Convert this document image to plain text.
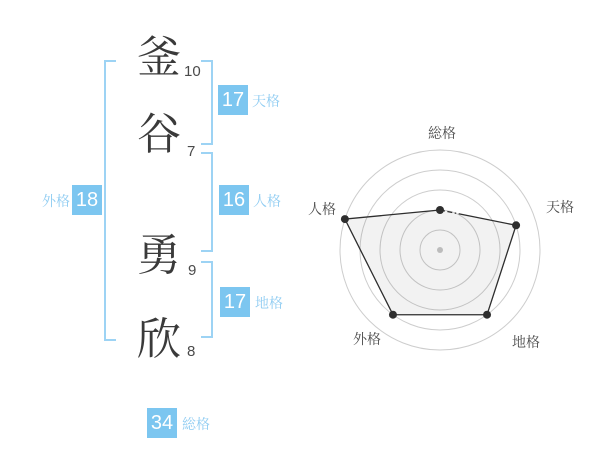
釜
谷
勇
欣
10
7
9
8
17 天格
16 人格
17 地格
18
外格
34 総格
総格
天格
地格
外格
人格
